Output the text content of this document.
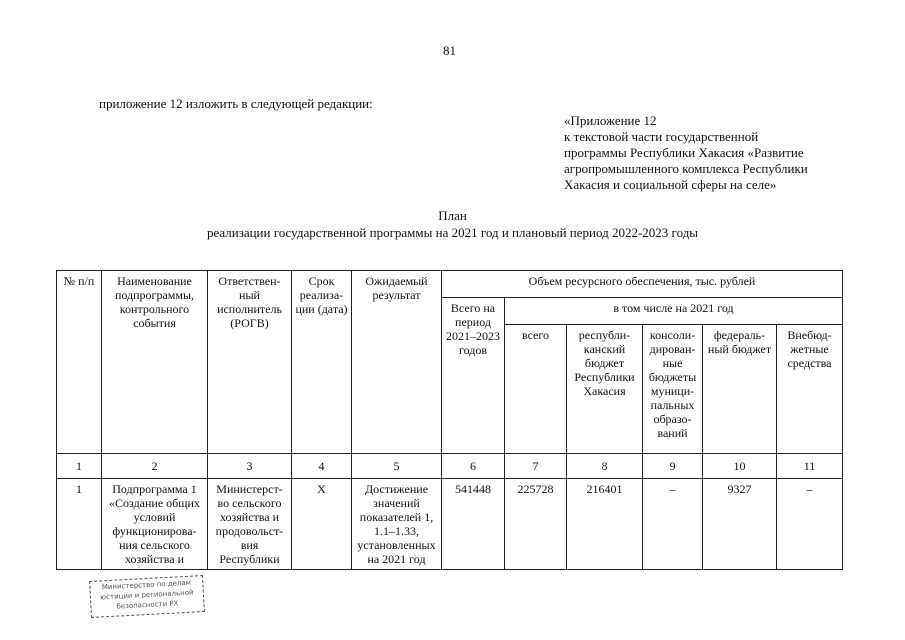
81
приложение 12 изложить в следующей редакции:
«Приложение 12
к текстовой части государственной
программы Республики Хакасия «Развитие
агропромышленного комплекса Республики
Хакасия и социальной сферы на селе»
План
реализации государственной программы на 2021 год и плановый период 2022-2023 годы
№ п/п	Наименование подпрограммы, контрольного события	Ответствен-ный исполнитель (РОГВ)	Срок реализа-ции (дата)	Ожидаемый результат	Объем ресурсного обеспечения, тыс. рублей					
					Всего на период 2021–2023 годов	в том числе на 2021 год				
						всего	республи-канский бюджет Республики Хакасия	консоли-дирован-ные бюджеты муници-пальных образо-ваний	федераль-ный бюджет	Внебюд-жетные средства
1	2	3	4	5	6	7	8	9	10	11
1	Подпрограмма 1 «Создание общих условий функционирова-ния сельского хозяйства и	Министерст-во сельского хозяйства и продовольст-вия Республики	X	Достижение значений показателей 1, 1.1–1.33, установленных на 2021 год	541448	225728	216401	–	9327	–
Министерство по делам
юстиции и региональной
безопасности РХ
